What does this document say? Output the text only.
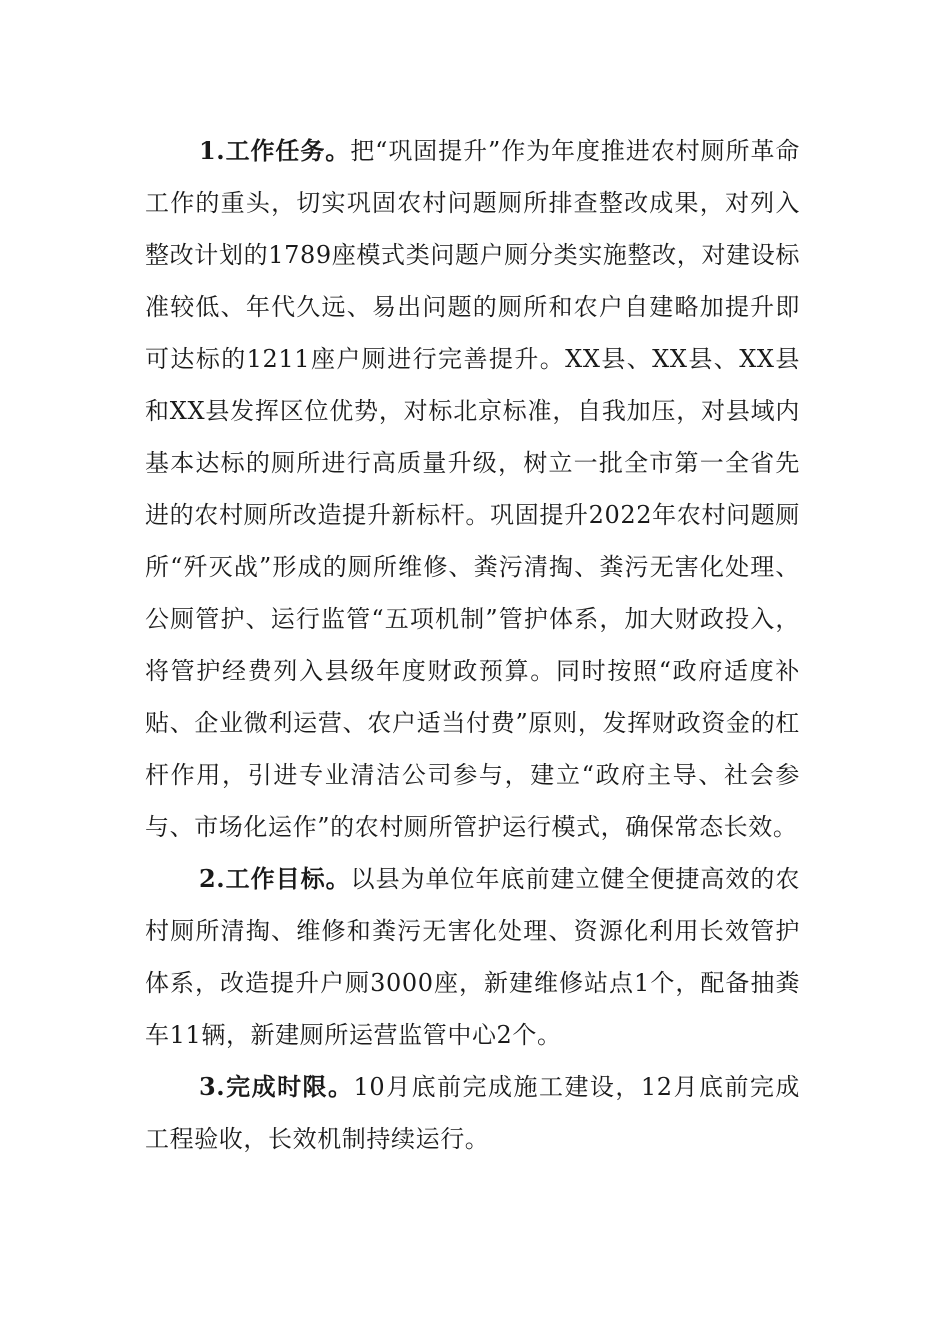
1.工作任务。把“巩固提升”作为年度推进农村厕所革命工作的重头，切实巩固农村问题厕所排查整改成果，对列入整改计划的1789座模式类问题户厕分类实施整改，对建设标准较低、年代久远、易出问题的厕所和农户自建略加提升即可达标的1211座户厕进行完善提升。XX县、XX县、XX县和XX县发挥区位优势，对标北京标准，自我加压，对县域内基本达标的厕所进行高质量升级，树立一批全市第一全省先进的农村厕所改造提升新标杆。巩固提升2022年农村问题厕所“歼灭战”形成的厕所维修、粪污清掏、粪污无害化处理、公厕管护、运行监管“五项机制”管护体系，加大财政投入，将管护经费列入县级年度财政预算。同时按照“政府适度补贴、企业微利运营、农户适当付费”原则，发挥财政资金的杠杆作用，引进专业清洁公司参与，建立“政府主导、社会参与、市场化运作”的农村厕所管护运行模式，确保常态长效。

2.工作目标。以县为单位年底前建立健全便捷高效的农村厕所清掏、维修和粪污无害化处理、资源化利用长效管护体系，改造提升户厕3000座，新建维修站点1个，配备抽粪车11辆，新建厕所运营监管中心2个。

3.完成时限。10月底前完成施工建设，12月底前完成工程验收，长效机制持续运行。
